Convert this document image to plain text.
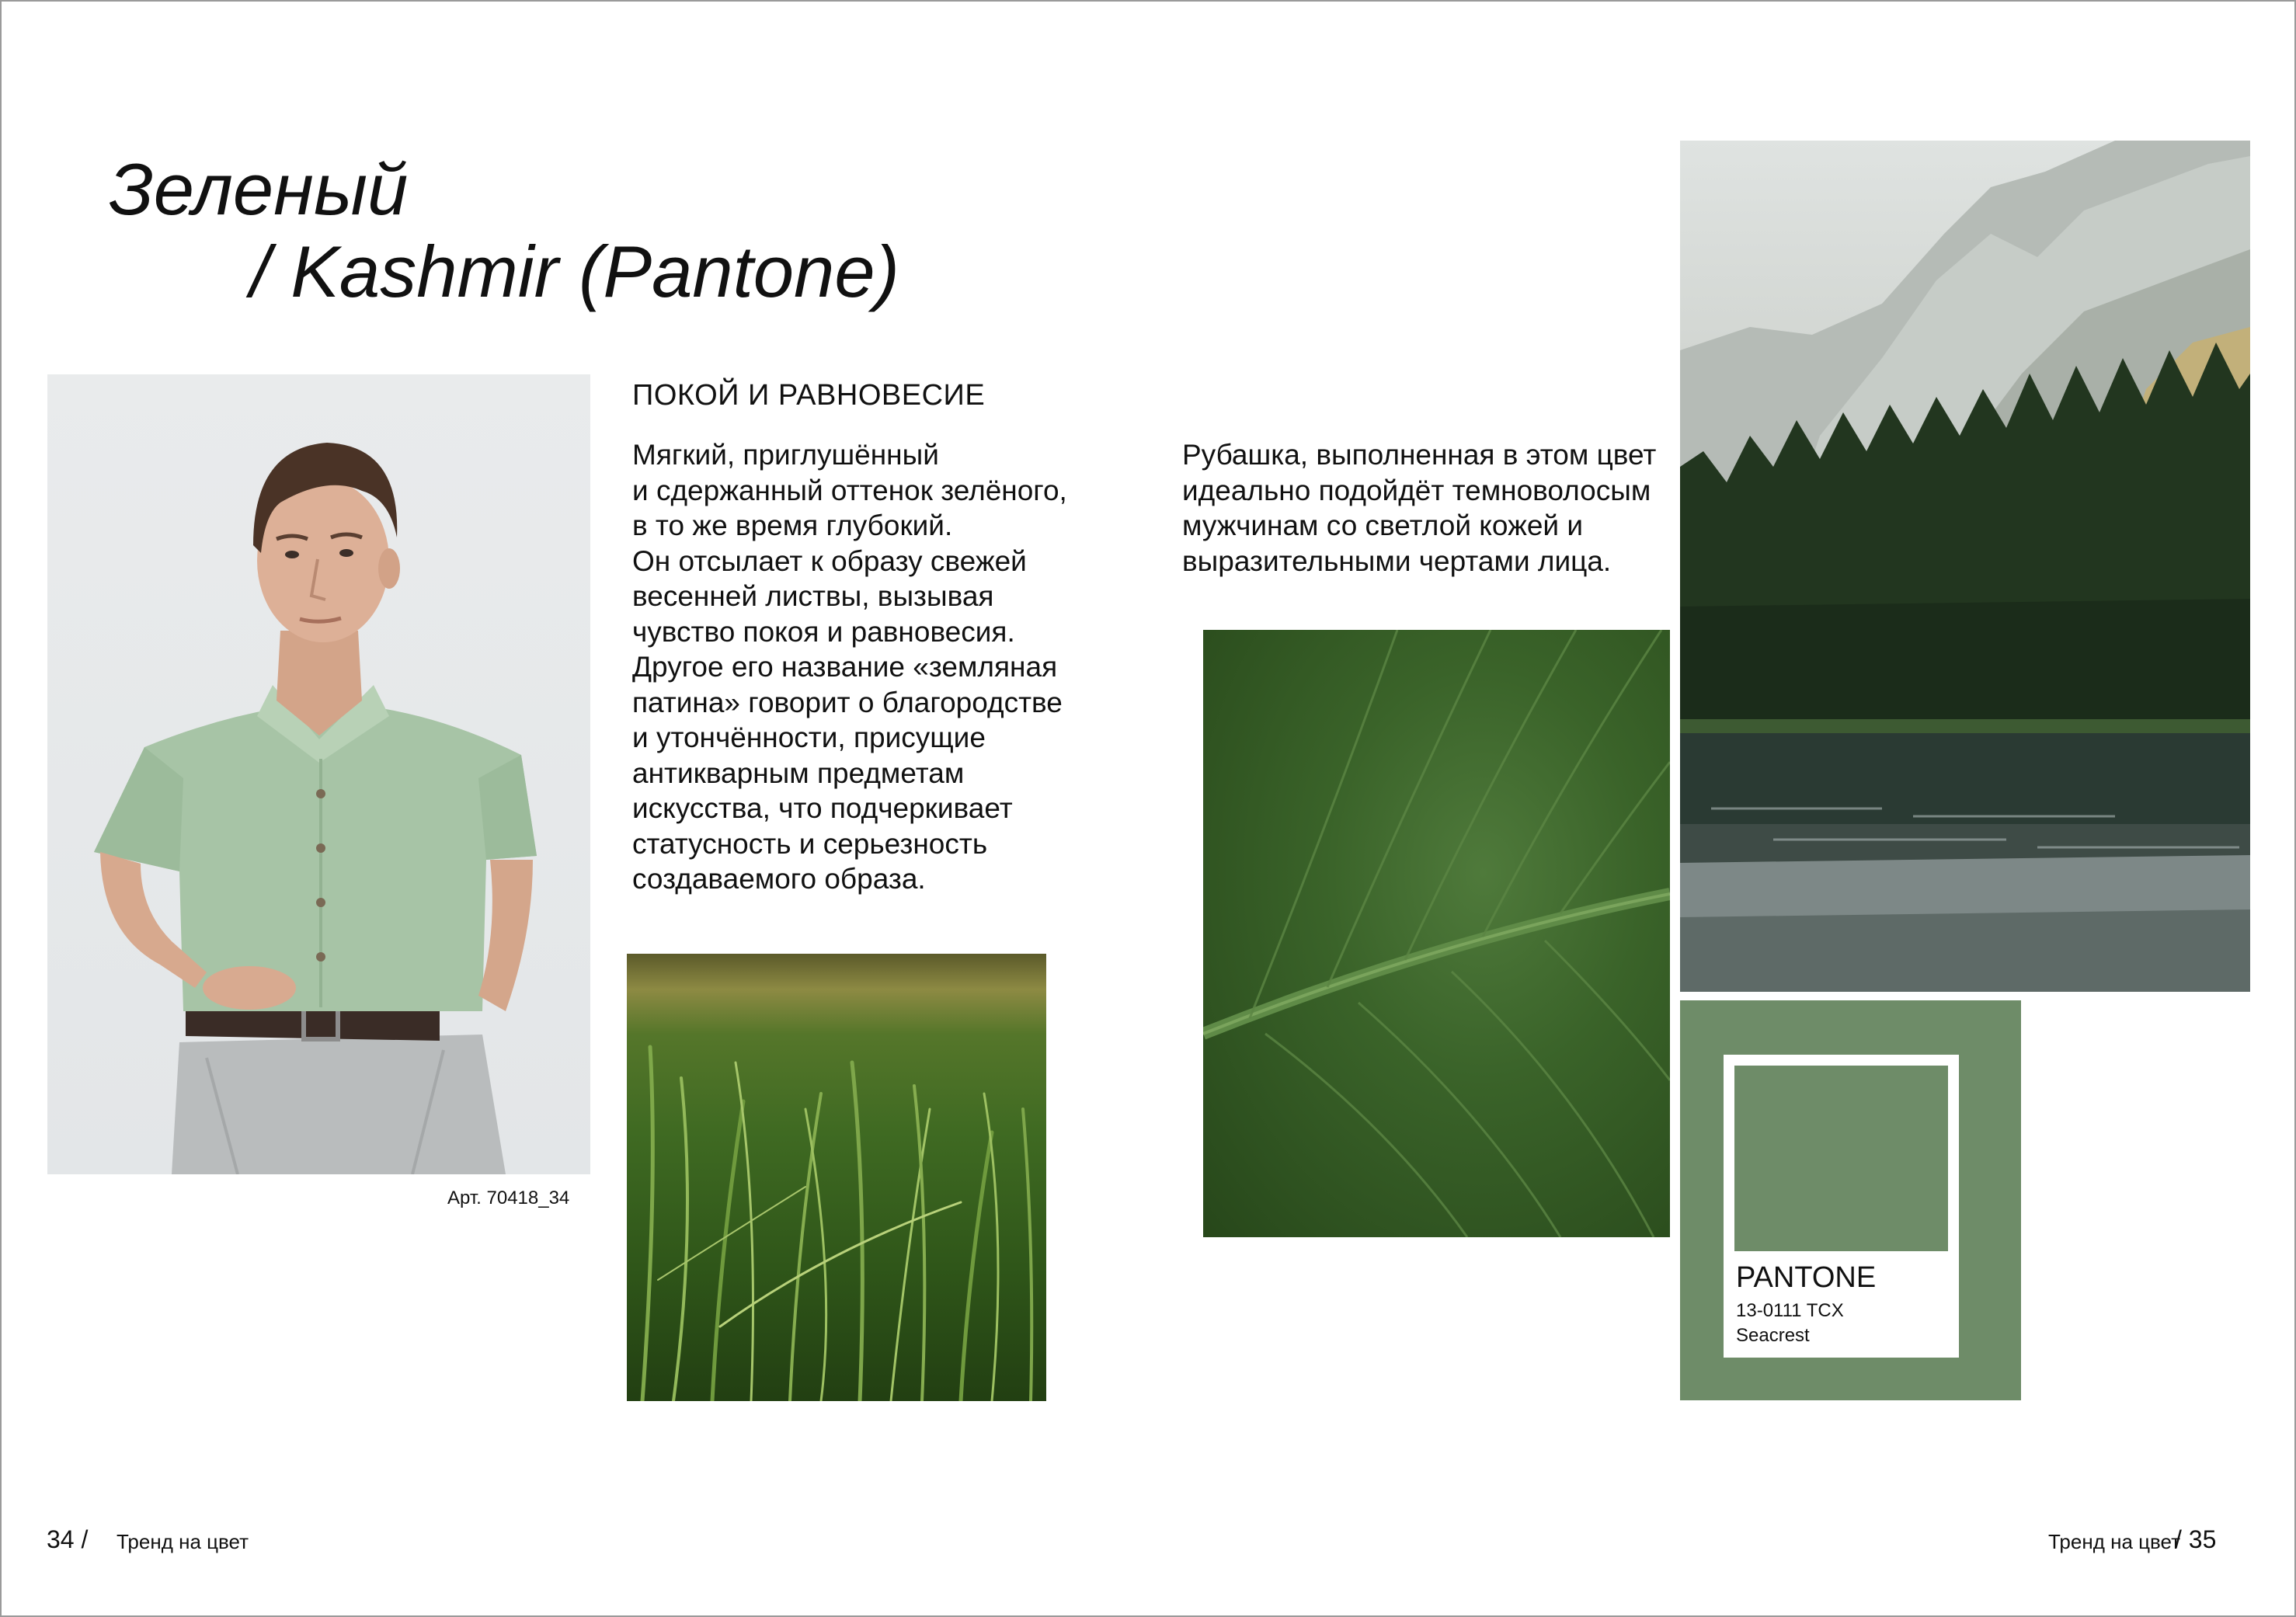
Зеленый
/ Kashmir (Pantone)
Арт. 70418_34
ПОКОЙ И РАВНОВЕСИЕ
Мягкий, приглушённый
и сдержанный оттенок зелёного,
в то же время глубокий.
Он отсылает к образу свежей
весенней листвы, вызывая
чувство покоя и равновесия.
Другое его название «земляная
патина» говорит о благородстве
и утончённости, присущие
антикварным предметам
искусства, что подчеркивает
статусность и серьезность
создаваемого образа.
Рубашка, выполненная в этом цвет
идеально подойдёт темноволосым
мужчинам со светлой кожей и
выразительными чертами лица.
PANTONE
13-0111 TCX
Seacrest
34 / Тренд на цвет	Тренд на цвет
/ 35
